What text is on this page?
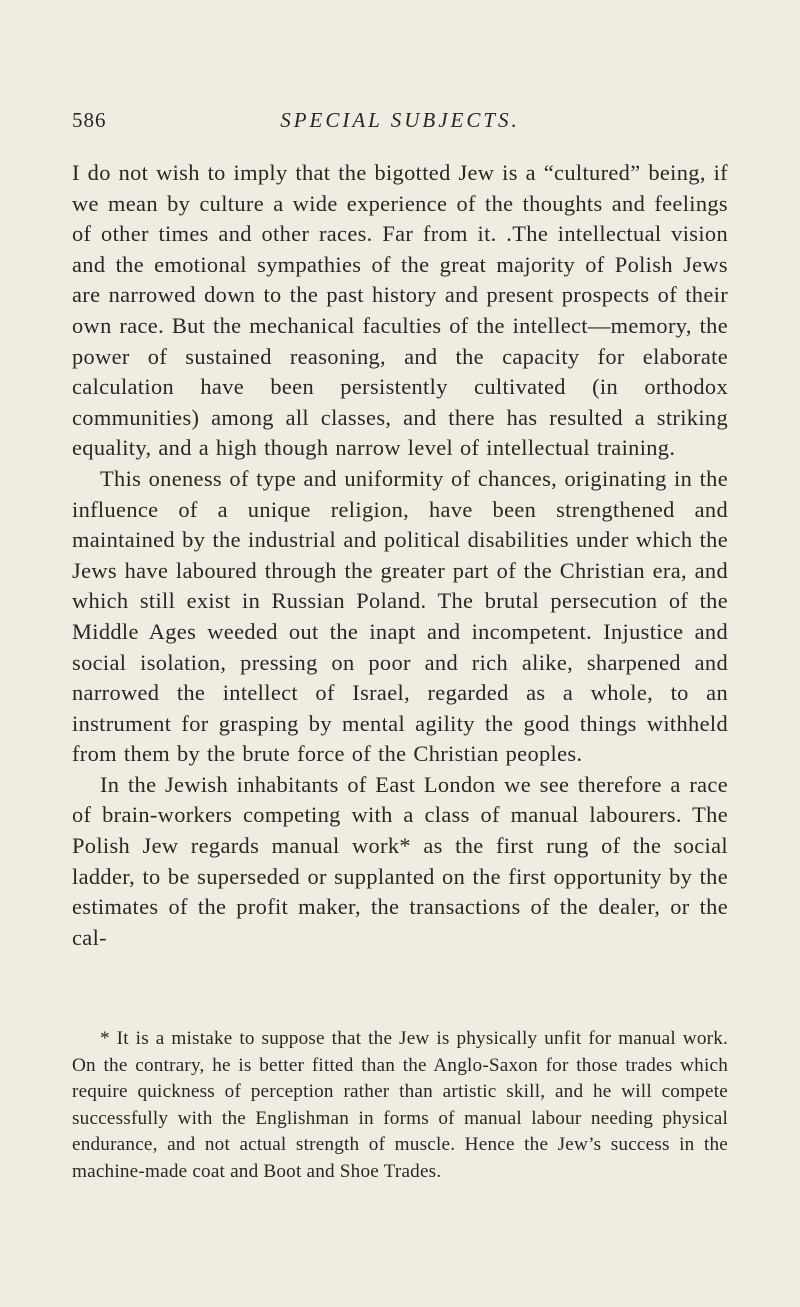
586	SPECIAL SUBJECTS.

I do not wish to imply that the bigotted Jew is a “cultured” being, if we mean by culture a wide experience of the thoughts and feelings of other times and other races. Far from it. .The intellectual vision and the emotional sympathies of the great majority of Polish Jews are narrowed down to the past history and present prospects of their own race. But the mechanical faculties of the intellect—memory, the power of sustained reasoning, and the capacity for elaborate calculation have been persistently cultivated (in orthodox communities) among all classes, and there has resulted a striking equality, and a high though narrow level of intellectual training.

This oneness of type and uniformity of chances, originating in the influence of a unique religion, have been strengthened and maintained by the industrial and political disabilities under which the Jews have laboured through the greater part of the Christian era, and which still exist in Russian Poland. The brutal persecution of the Middle Ages weeded out the inapt and incompetent. Injustice and social isolation, pressing on poor and rich alike, sharpened and narrowed the intellect of Israel, regarded as a whole, to an instrument for grasping by mental agility the good things withheld from them by the brute force of the Christian peoples.

In the Jewish inhabitants of East London we see therefore a race of brain-workers competing with a class of manual labourers. The Polish Jew regards manual work* as the first rung of the social ladder, to be superseded or supplanted on the first opportunity by the estimates of the profit maker, the transactions of the dealer, or the cal-

* It is a mistake to suppose that the Jew is physically unfit for manual work. On the contrary, he is better fitted than the Anglo-Saxon for those trades which require quickness of perception rather than artistic skill, and he will compete successfully with the Englishman in forms of manual labour needing physical endurance, and not actual strength of muscle. Hence the Jew’s success in the machine-made coat and Boot and Shoe Trades.
